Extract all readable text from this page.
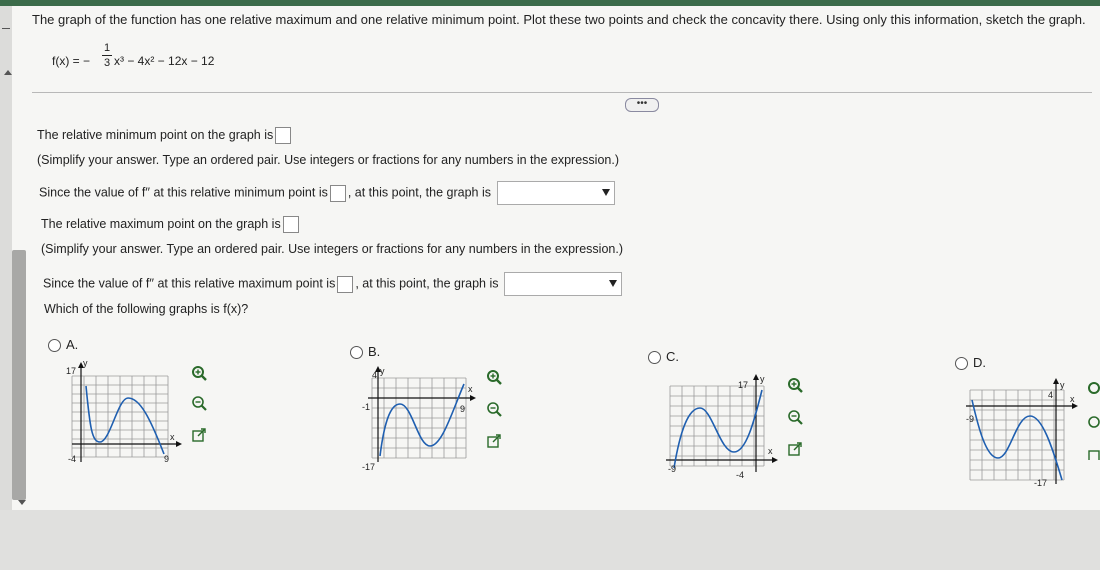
The graph of the function has one relative maximum and one relative minimum point. Plot these two points and check the concavity there. Using only this information, sketch the graph.
f(x) = −
1
3 x³ − 4x² − 12x − 12
•••
The relative minimum point on the graph is
(Simplify your answer. Type an ordered pair. Use integers or fractions for any numbers in the expression.)
Since the value of f′′ at this relative minimum point is , at this point, the graph is
The relative maximum point on the graph is
(Simplify your answer. Type an ordered pair. Use integers or fractions for any numbers in the expression.)
Since the value of f′′ at this relative maximum point is , at this point, the graph is
Which of the following graphs is f(x)?
A.	B.	C.	D.
17
y
x
-4	9
4 y
x
-1	9
-17
17
y
x
-9
-4
4
y
x
-9
-17
